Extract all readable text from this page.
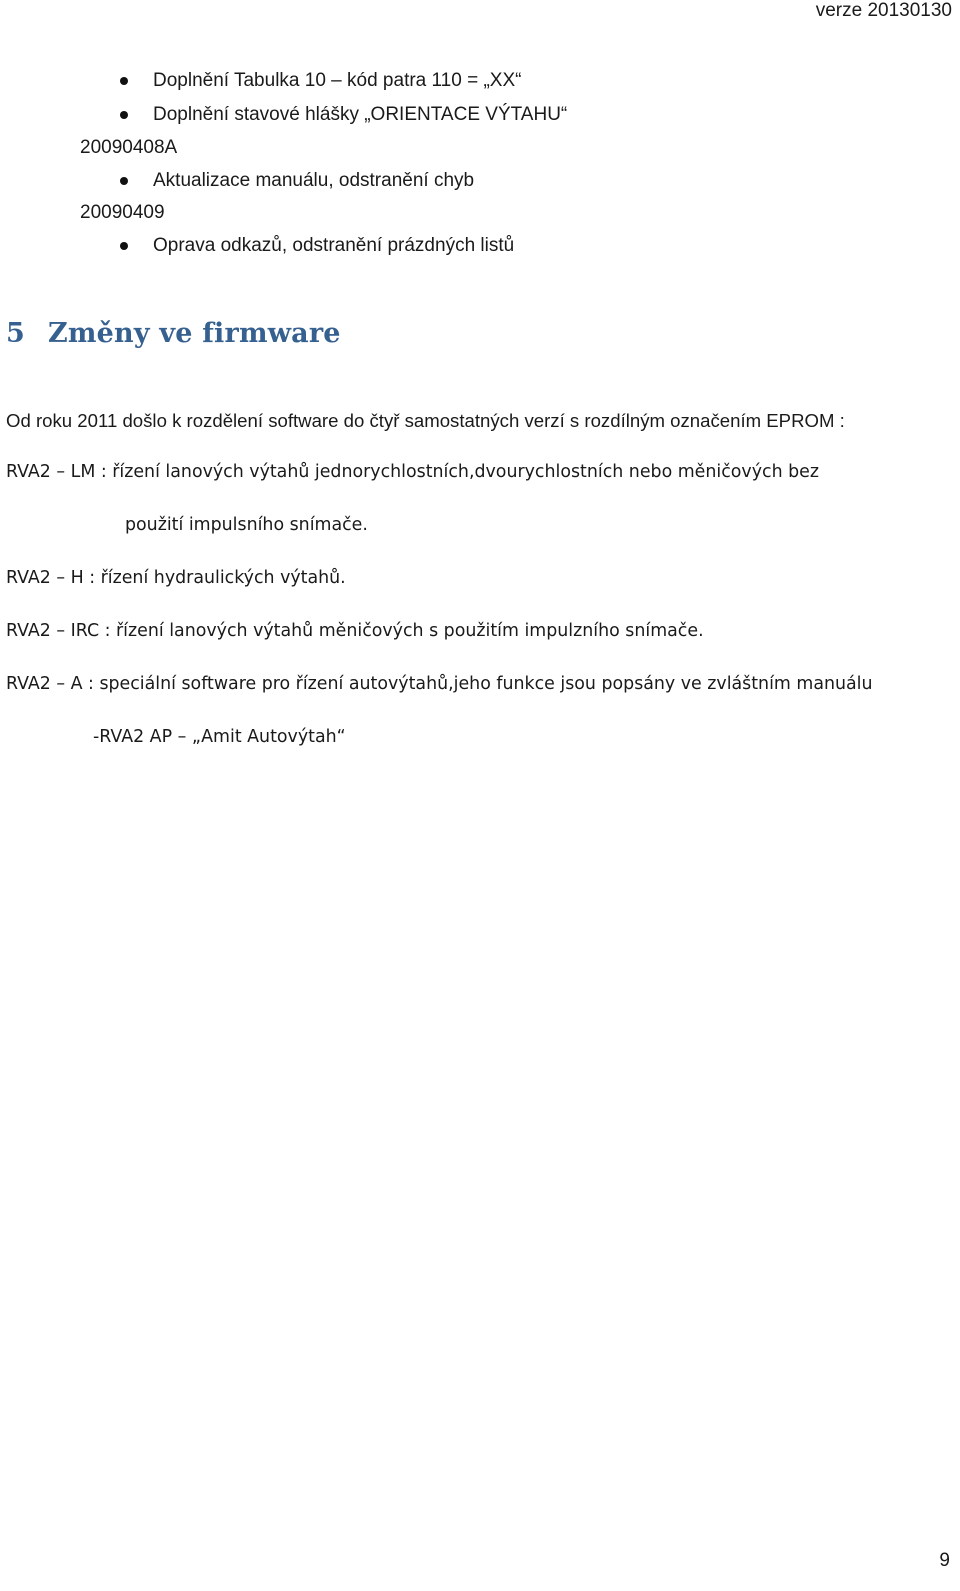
verze 20130130
Doplnění Tabulka 10 – kód patra 110 = „XX“
Doplnění stavové hlášky „ORIENTACE VÝTAHU“
20090408A
Aktualizace manuálu, odstranění chyb
20090409
Oprava odkazů, odstranění prázdných listů
5 Změny ve firmware
Od roku 2011 došlo k rozdělení software do čtyř samostatných verzí s rozdílným označením EPROM :
RVA2 – LM : řízení lanových výtahů jednorychlostních,dvourychlostních nebo měničových bez
použití impulsního snímače.
RVA2 – H : řízení hydraulických výtahů.
RVA2 – IRC : řízení lanových výtahů měničových s použitím impulzního snímače.
RVA2 – A : speciální software pro řízení autovýtahů,jeho funkce jsou popsány ve zvláštním manuálu
-RVA2 AP – „Amit Autovýtah“
9
